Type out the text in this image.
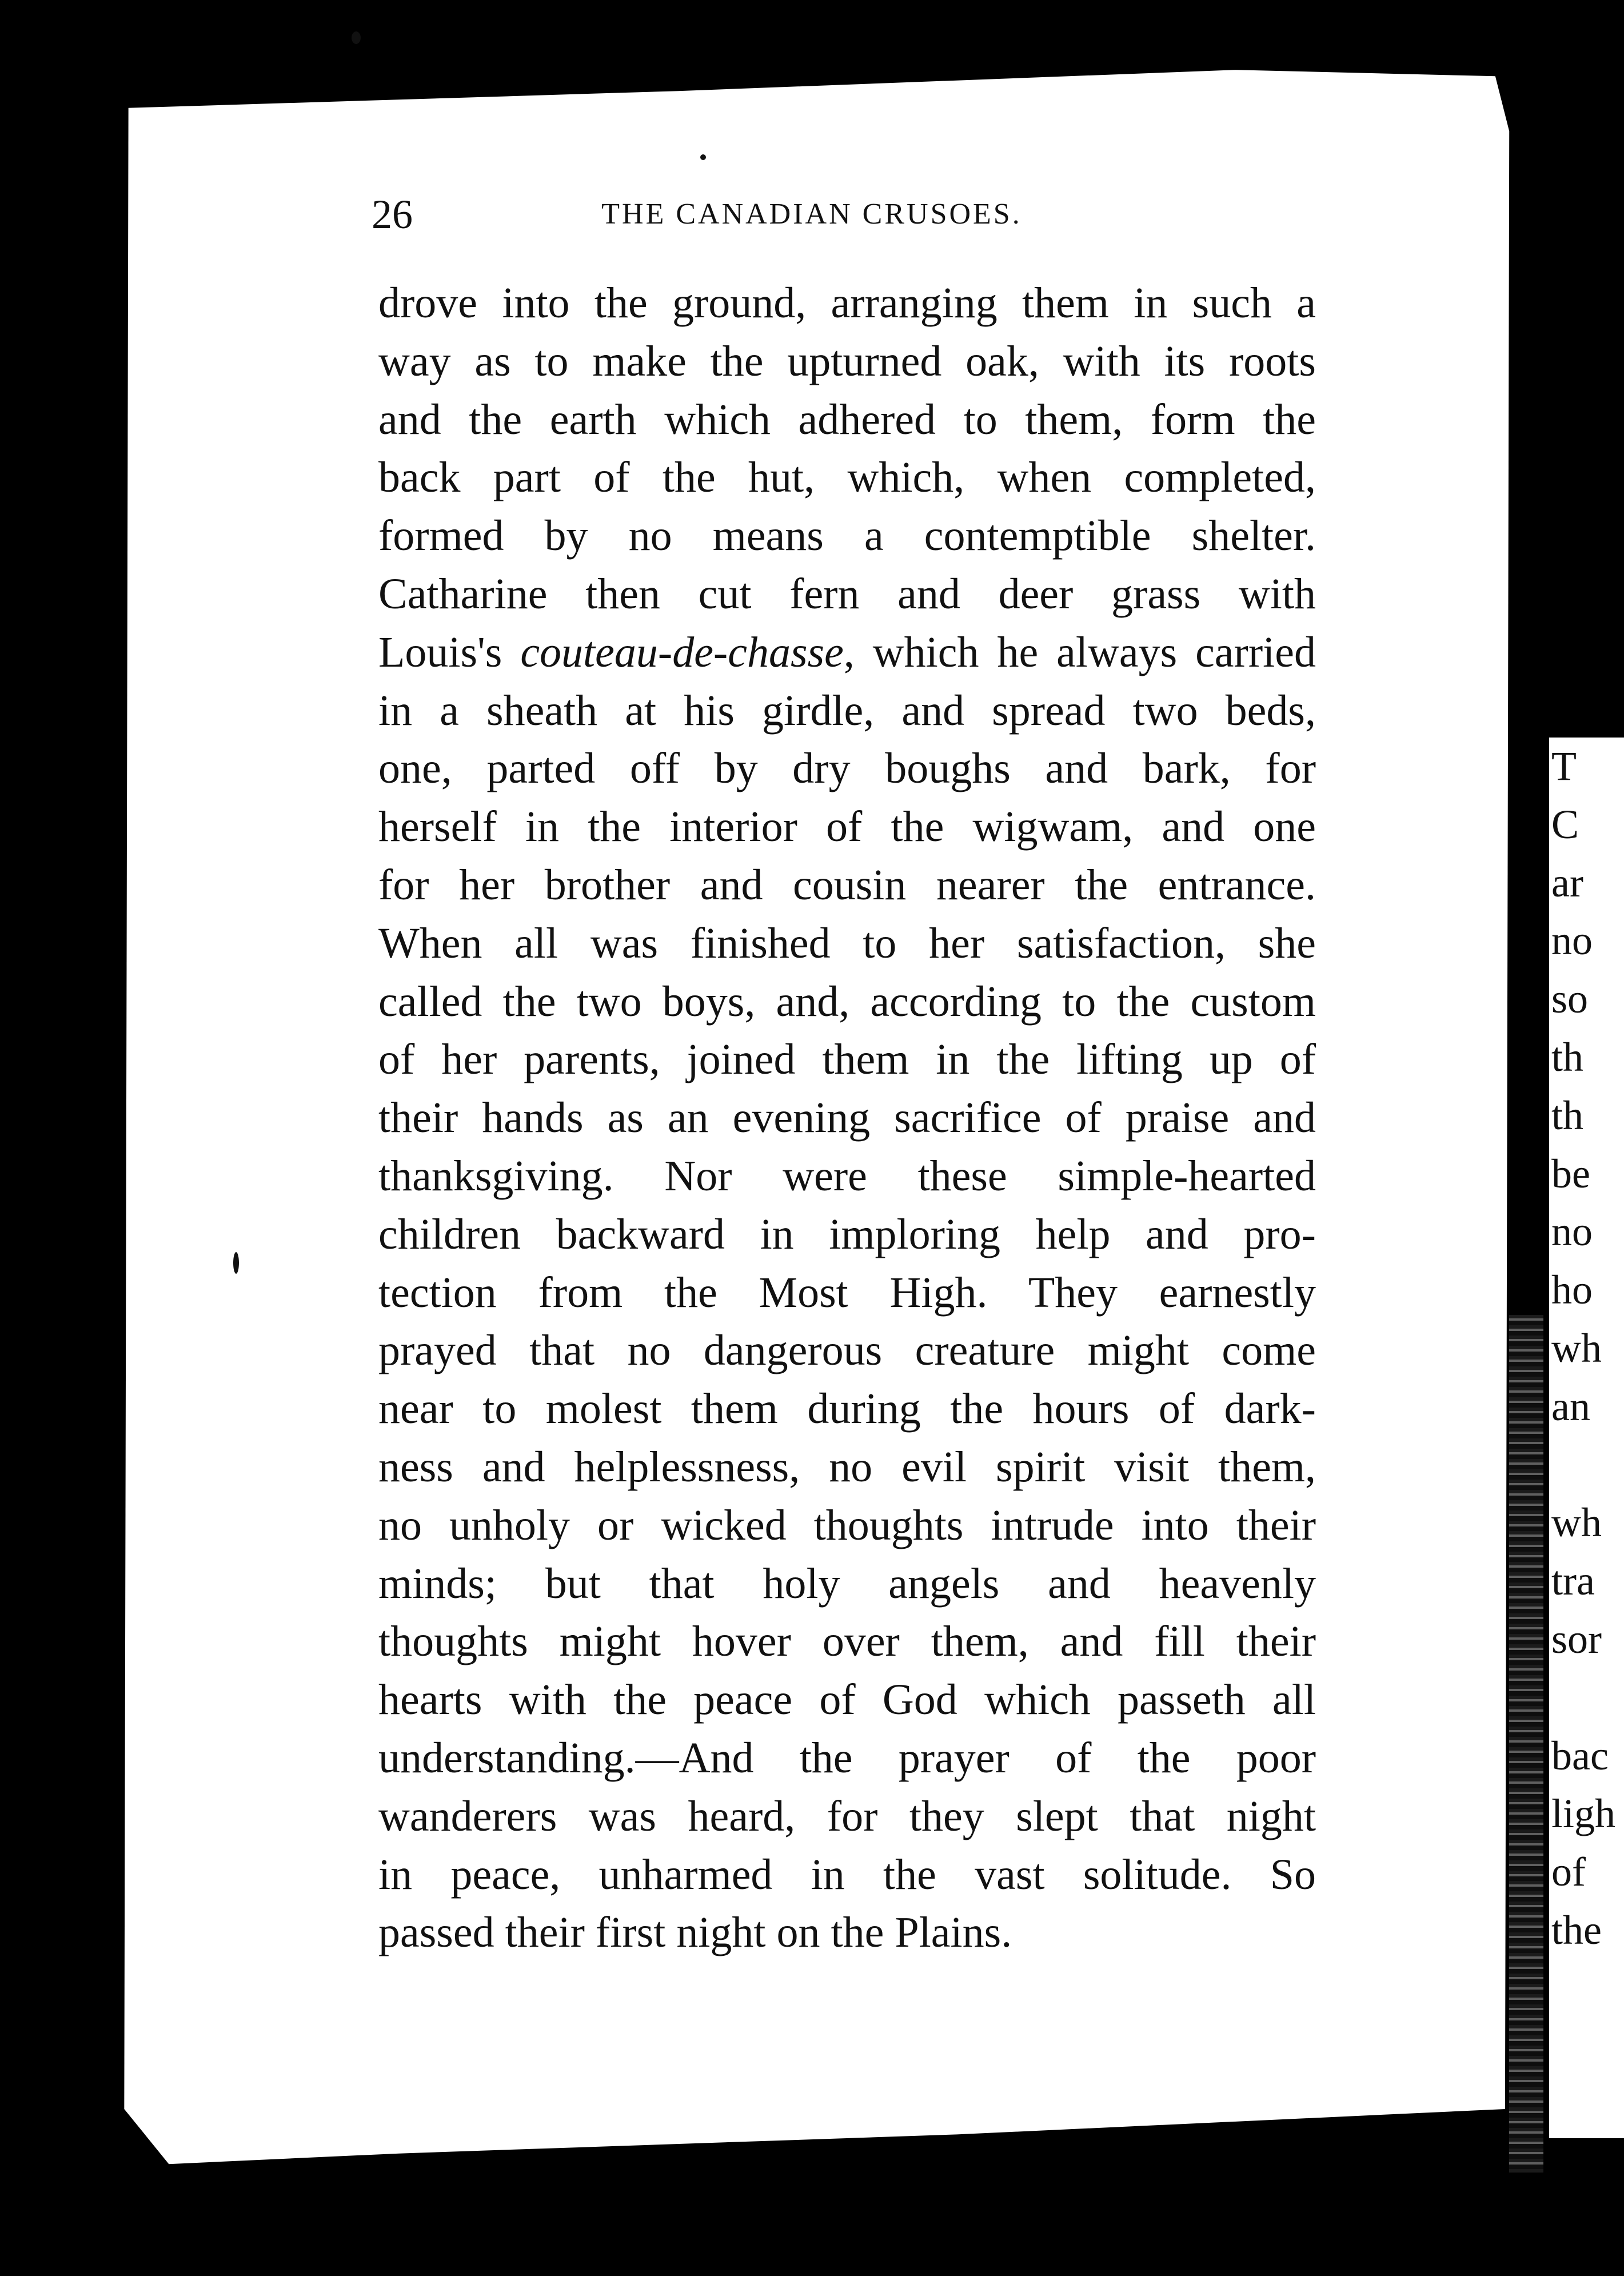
26	THE CANADIAN CRUSOES.
drove into the ground, arranging them in such a
way as to make the upturned oak, with its roots
and the earth which adhered to them, form the
back part of the hut, which, when completed,
formed by no means a contemptible shelter.
Catharine then cut fern and deer grass with
Louis's couteau-de-chasse, which he always carried
in a sheath at his girdle, and spread two beds,
one, parted off by dry boughs and bark, for
herself in the interior of the wigwam, and one
for her brother and cousin nearer the entrance.
When all was finished to her satisfaction, she
called the two boys, and, according to the custom
of her parents, joined them in the lifting up of
their hands as an evening sacrifice of praise and
thanksgiving. Nor were these simple-hearted
children backward in imploring help and pro-
tection from the Most High. They earnestly
prayed that no dangerous creature might come
near to molest them during the hours of dark-
ness and helplessness, no evil spirit visit them,
no unholy or wicked thoughts intrude into their
minds; but that holy angels and heavenly
thoughts might hover over them, and fill their
hearts with the peace of God which passeth all
understanding.—And the prayer of the poor
wanderers was heard, for they slept that night
in peace, unharmed in the vast solitude. So
passed their first night on the Plains.
T
C
ar
no
so
th
th
be
no
ho
wh
an
wh
tra
sor
bac
ligh
of
the
